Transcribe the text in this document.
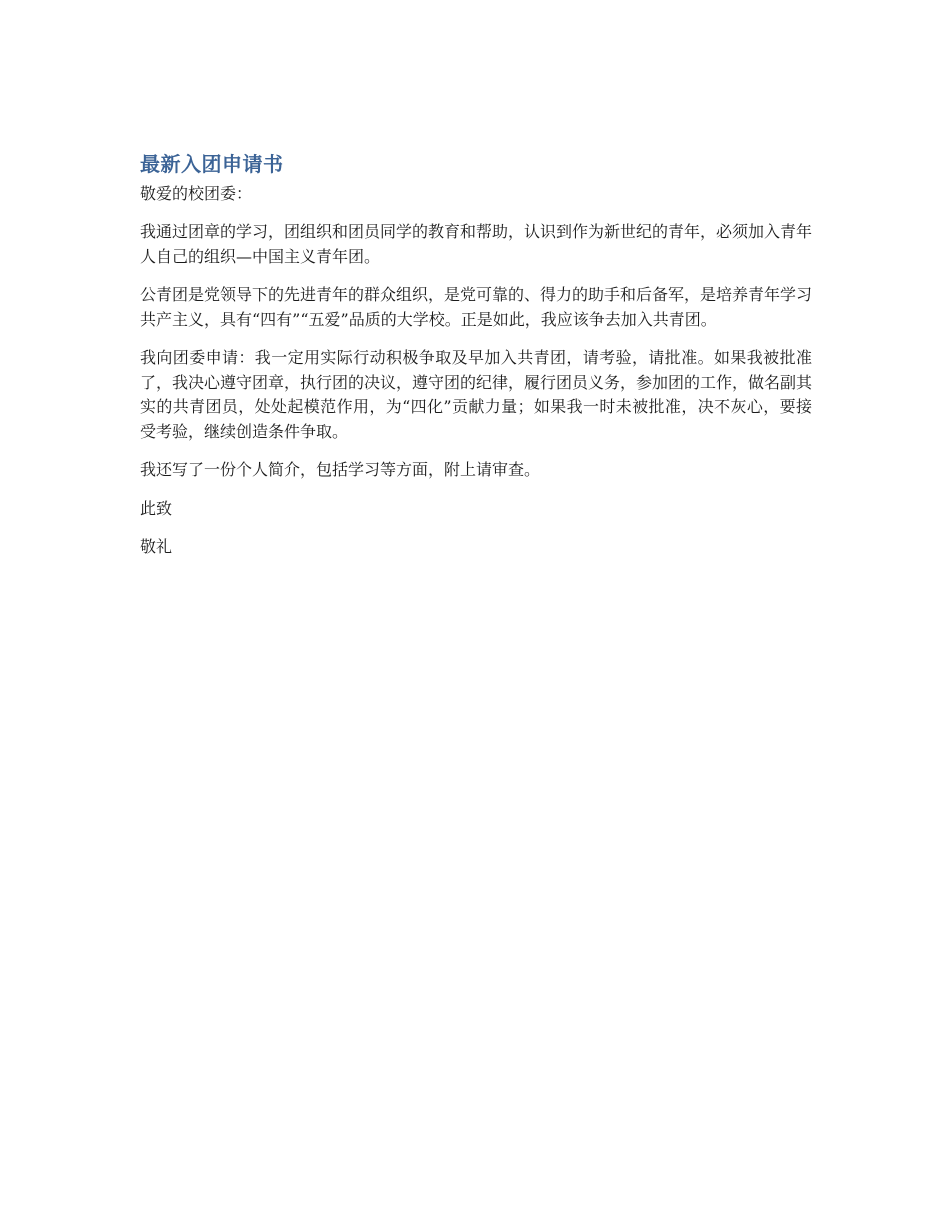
最新入团申请书

敬爱的校团委：

我通过团章的学习，团组织和团员同学的教育和帮助，认识到作为新世纪的青年，必须加入青年人自己的组织—中国主义青年团。

公青团是党领导下的先进青年的群众组织，是党可靠的、得力的助手和后备军，是培养青年学习共产主义，具有“四有”“五爱”品质的大学校。正是如此，我应该争去加入共青团。

我向团委申请：我一定用实际行动积极争取及早加入共青团，请考验，请批准。如果我被批准了，我决心遵守团章，执行团的决议，遵守团的纪律，履行团员义务，参加团的工作，做名副其实的共青团员，处处起模范作用，为“四化”贡献力量；如果我一时未被批准，决不灰心，要接受考验，继续创造条件争取。

我还写了一份个人简介，包括学习等方面，附上请审查。

此致

敬礼
